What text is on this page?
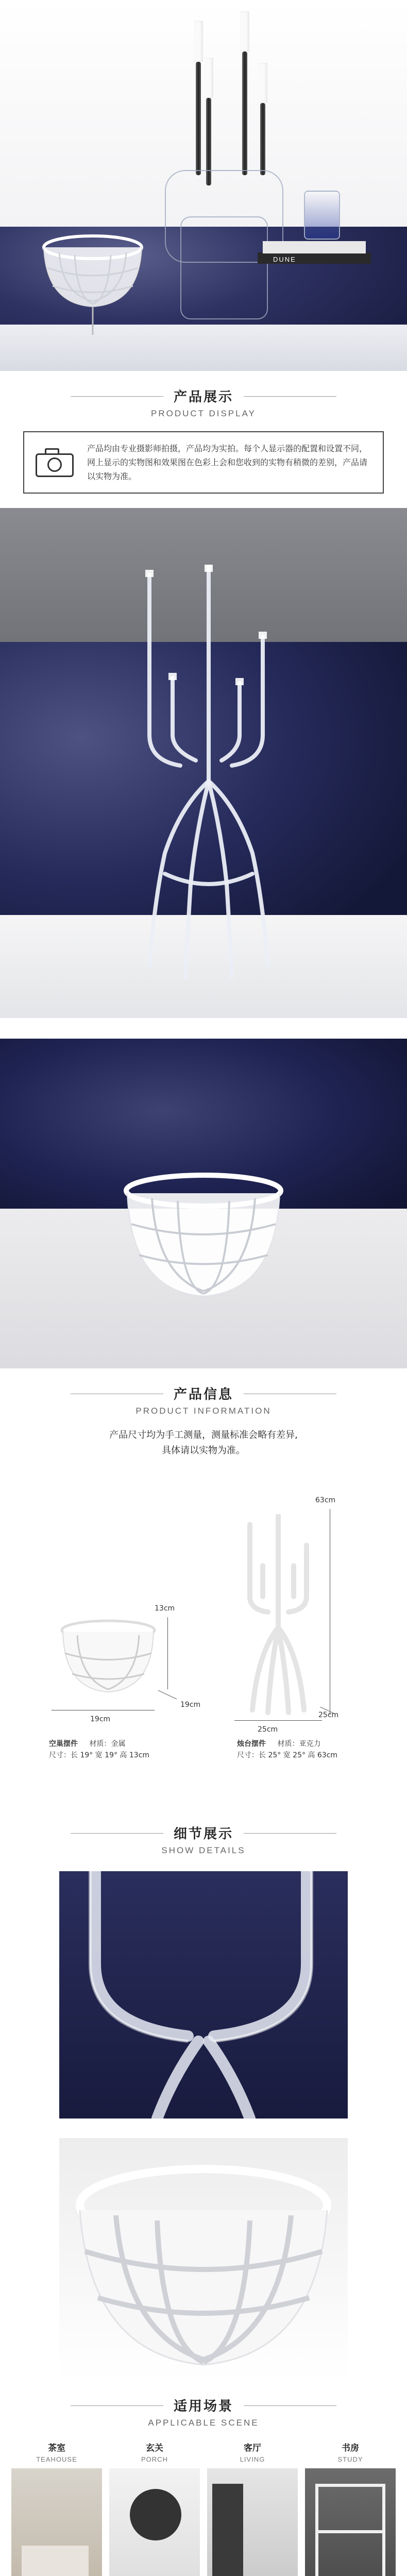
DUNE
产品展示
PRODUCT DISPLAY
产品均由专业摄影师拍摄，产品均为实拍。每个人显示器的配置和设置不同，网上显示的实物图和效果图在色彩上会和您收到的实物有稍微的差别，产品请以实物为准。
产品信息
PRODUCT INFORMATION
产品尺寸均为手工测量，测量标准会略有差异,
具体请以实物为准。
13cm
19cm
19cm
空巢摆件 材质：金属
尺寸：长 19° 宽 19° 高 13cm
63cm
25cm
25cm
烛台摆件 材质：亚克力
尺寸：长 25° 宽 25° 高 63cm
细节展示
SHOW DETAILS
适用场景
APPLICABLE SCENE
茶室
TEAHOUSE
玄关
PORCH
客厅
LIVING
书房
STUDY
